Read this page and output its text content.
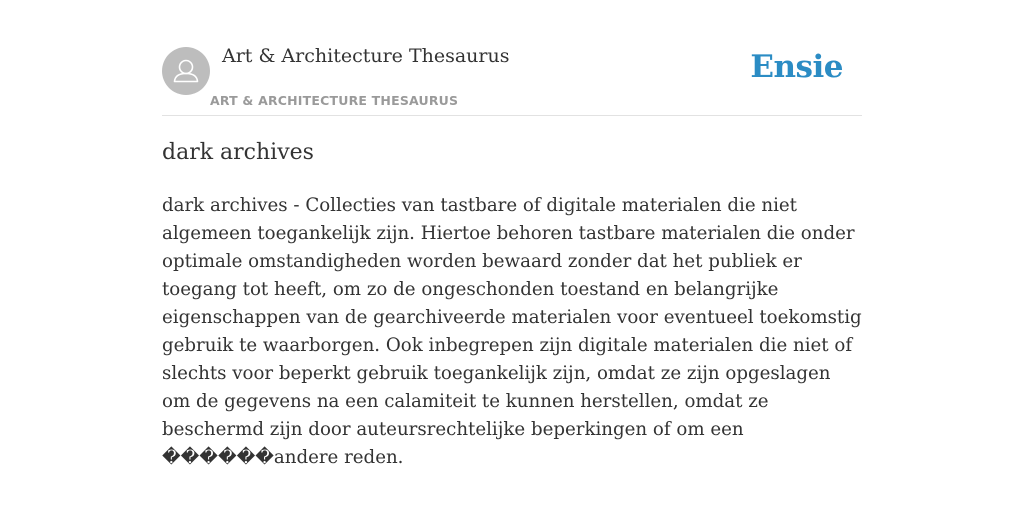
Art & Architecture Thesaurus
ART & ARCHITECTURE THESAURUS
Ensie
dark archives

dark archives - Collecties van tastbare of digitale materialen die niet algemeen toegankelijk zijn. Hiertoe behoren tastbare materialen die onder optimale omstandigheden worden bewaard zonder dat het publiek er toegang tot heeft, om zo de ongeschonden toestand en belangrijke eigenschappen van de gearchiveerde materialen voor eventueel toekomstig gebruik te waarborgen. Ook inbegrepen zijn digitale materialen die niet of slechts voor beperkt gebruik toegankelijk zijn, omdat ze zijn opgeslagen om de gegevens na een calamiteit te kunnen herstellen, omdat ze beschermd zijn door auteursrechtelijke beperkingen of om een ������andere reden.
